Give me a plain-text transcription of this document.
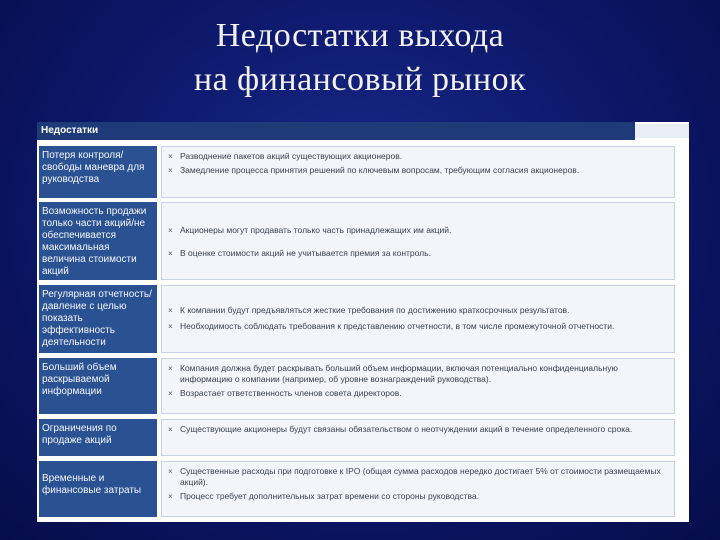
Недостатки выхода
на финансовый рынок
Недостатки
Потеря контроля/ свободы маневра для руководства
× Разводнение пакетов акций существующих акционеров.
× Замедление процесса принятия решений по ключевым вопросам, требующим согласия акционеров.
Возможность продажи только части акций/не обеспечивается максимальная величина стоимости акций
× Акционеры могут продавать только часть принадлежащих им акций.
× В оценке стоимости акций не учитывается премия за контроль.
Регулярная отчетность/ давление с целью показать эффективность деятельности
× К компании будут предъявляться жесткие требования по достижению краткосрочных результатов.
× Необходимость соблюдать требования к представлению отчетности, в том числе промежуточной отчетности.
Больший объем раскрываемой информации
× Компания должна будет раскрывать больший объем информации, включая потенциально конфиденциальную информацию о компании (например, об уровне вознаграждений руководства).
× Возрастает ответственность членов совета директоров.
Ограничения по продаже акций
× Существующие акционеры будут связаны обязательством о неотчуждении акций в течение определенного срока.
Временные и финансовые затраты
× Существенные расходы при подготовке к IPO (общая сумма расходов нередко достигает 5% от стоимости размещаемых акций).
× Процесс требует дополнительных затрат времени со стороны руководства.
